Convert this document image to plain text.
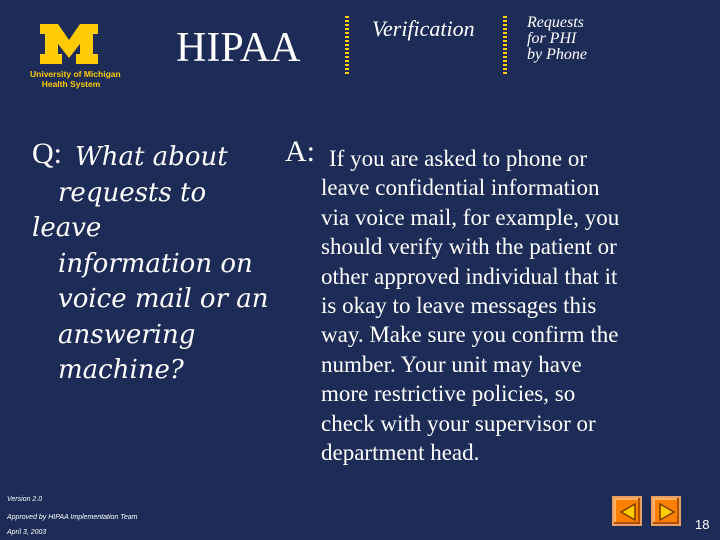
University of Michigan
Health System
HIPAA	Verification	Requests
for PHI
by Phone
Q: What about
requests to leave
information on
voice mail or an
answering
machine?
A: If you are asked to phone or
leave confidential information
via voice mail, for example, you
should verify with the patient or
other approved individual that it
is okay to leave messages this
way. Make sure you confirm the
number. Your unit may have
more restrictive policies, so
check with your supervisor or
department head.
Version 2.0
Approved by HIPAA Implementation Team
April 3, 2003
18
